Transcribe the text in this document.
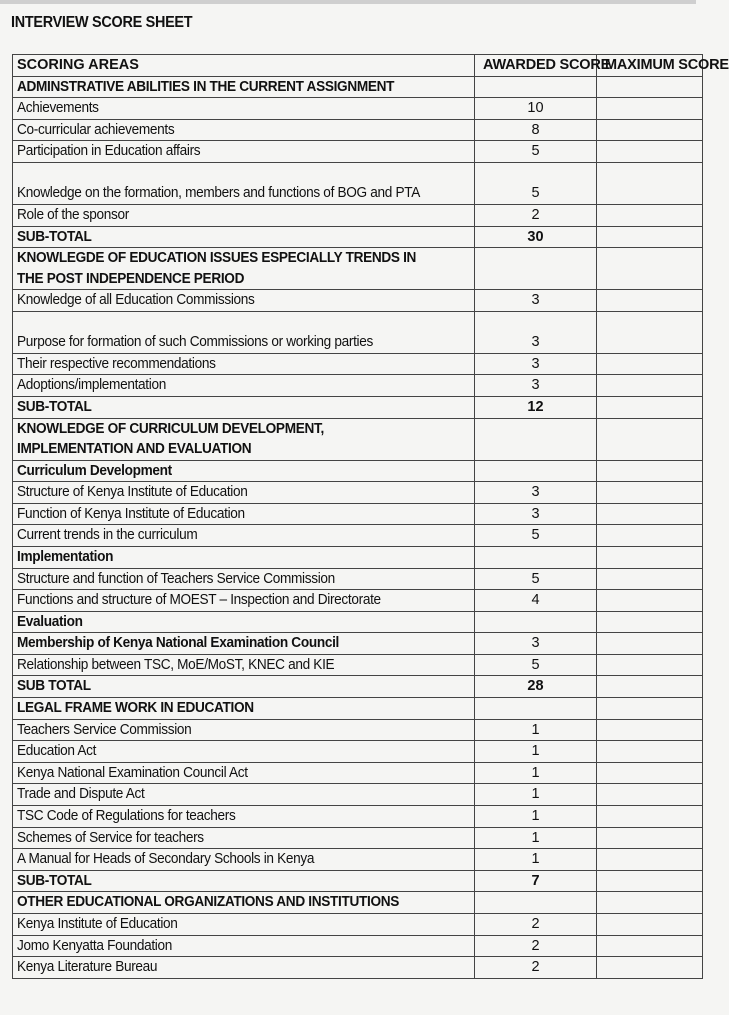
INTERVIEW SCORE SHEET
SCORING AREAS	AWARDED SCORE	MAXIMUM SCORE
ADMINSTRATIVE ABILITIES IN THE CURRENT ASSIGNMENT		
Achievements	10	
Co-curricular achievements	8	
Participation in Education affairs	5	
Knowledge on the formation, members and functions of BOG and PTA	5	
Role of the sponsor	2	
SUB-TOTAL	30	
KNOWLEGDE OF EDUCATION ISSUES ESPECIALLY TRENDS IN THE POST INDEPENDENCE PERIOD		
Knowledge of all Education Commissions	3	
Purpose for formation of such Commissions or working parties	3	
Their respective recommendations	3	
Adoptions/implementation	3	
SUB-TOTAL	12	
KNOWLEDGE OF CURRICULUM DEVELOPMENT, IMPLEMENTATION AND EVALUATION		
Curriculum Development		
Structure of Kenya Institute of Education	3	
Function of Kenya Institute of Education	3	
Current trends in the curriculum	5	
Implementation		
Structure and function of Teachers Service Commission	5	
Functions and structure of MOEST – Inspection and Directorate	4	
Evaluation		
Membership of Kenya National Examination Council	3	
Relationship between TSC, MoE/MoST, KNEC and KIE	5	
SUB TOTAL	28	
LEGAL FRAME WORK IN EDUCATION		
Teachers Service Commission	1	
Education Act	1	
Kenya National Examination Council Act	1	
Trade and Dispute Act	1	
TSC Code of Regulations for teachers	1	
Schemes of Service for teachers	1	
A Manual for Heads of Secondary Schools in Kenya	1	
SUB-TOTAL	7	
OTHER EDUCATIONAL ORGANIZATIONS AND INSTITUTIONS		
Kenya Institute of Education	2	
Jomo Kenyatta Foundation	2	
Kenya Literature Bureau	2	
